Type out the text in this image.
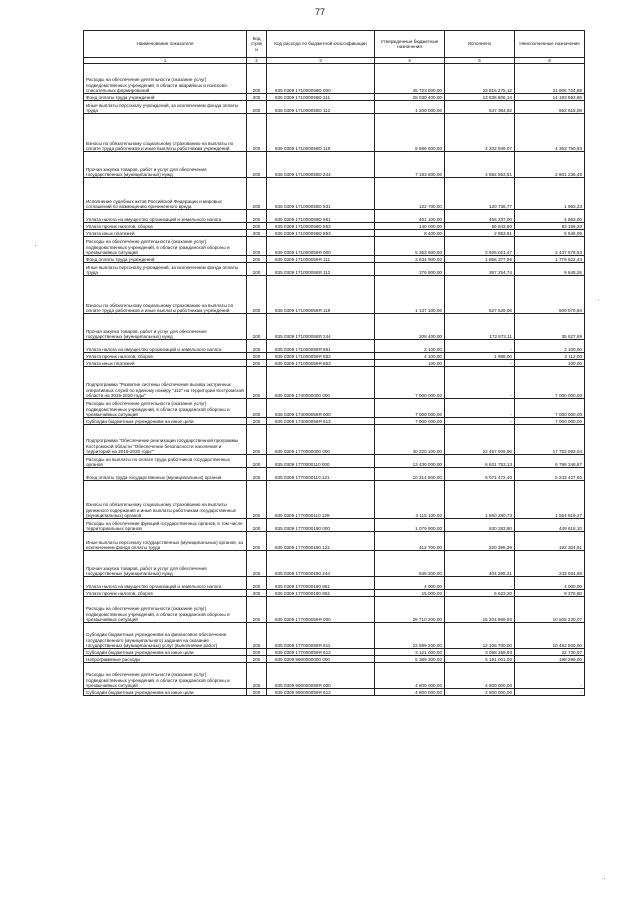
77
Наименование показателя	Код строк и	Код расхода по бюджетной классификации	Утвержденные бюджетные назначения	Исполнено	Неисполненные назначения
1	2	3	4	5	6
Расходы на обеспечение деятельности (оказание услуг) подведомственных учреждений, в области аварийных и поисково-спасательных формирований	200	835 0309 171000059D 000	45 723 000,00	23 816 275,12	21 906 724,88
Фонд оплаты труда учреждений	200	835 0309 171000059D 111	28 030 400,00	13 836 806,14	14 193 593,86
Иные выплаты персоналу учреждений, за исключением фонда оплаты труда	200	835 0309 171000059D 112	1 200 000,00	547 384,92	652 615,08
Взносы по обязательному социальному страхованию на выплаты по оплате труда работников и иные выплаты работникам учреждений	200	835 0309 171000059D 119	8 566 600,00	4 202 849,07	4 363 750,93
Прочая закупка товаров, работ и услуг для обеспечения государственных (муниципальных) нужд	200	835 0309 171000059D 244	7 193 800,00	4 592 563,51	2 601 236,49
Исполнение судебных актов Российской Федерации и мировых соглашений по возмещению причиненного вреда	200	835 0309 171000059D 831	122 700,00	120 736,77	1 963,23
Уплата налога на имущество организаций и земельного налога	200	835 0309 171000059D 851	461 100,00	456 237,00	4 863,00
Уплата прочих налогов, сборов	200	835 0309 171000059D 852	140 000,00	56 843,80	83 156,20
Уплата иных платежей	200	835 0309 171000059D 853	8 400,00	2 853,91	5 546,09
Расходы на обеспечение деятельности (оказание услуг) подведомственных учреждений, в области гражданской обороны и чрезвычайных ситуаций	200	835 0309 171000059Я 000	5 363 600,00	2 926 021,47	2 437 578,53
Фонд оплаты труда учреждений	200	835 0309 171000059Я 111	3 634 900,00	1 856 377,56	1 778 522,44
Иные выплаты персоналу учреждений, за исключением фонда оплаты труда	200	835 0309 171000059Я 112	376 900,00	367 254,74	9 645,26
Взносы по обязательному социальному страхованию на выплаты по оплате труда работников и иные выплаты работникам учреждений	200	835 0309 171000059Я 119	1 137 100,00	527 529,06	609 570,94
Прочая закупка товаров, работ и услуг для обеспечения государственных (муниципальных) нужд	200	835 0309 171000059Я 244	208 400,00	172 872,11	35 527,89
Уплата налога на имущество организаций и земельного налога	200	835 0309 171000059Я 851	2 100,00	-	2 100,00
Уплата прочих налогов, сборов	200	835 0309 171000059Я 852	4 100,00	1 988,00	2 112,00
Уплата иных платежей	200	835 0309 171000059Я 853	100,00	-	100,00
Подпрограмма "Развитие системы обеспечения вызова экстренных оперативных служб по единому номеру "112" на территории Костромской области на 2015-2020 годы"	200	835 0309 1740000000 000	7 000 000,00	-	7 000 000,00
Расходы на обеспечение деятельности (оказание услуг) подведомственных учреждений, в области гражданской обороны и чрезвычайных ситуаций	200	835 0309 174000059Я 000	7 000 000,00	-	7 000 000,00
Субсидии бюджетным учреждениям на иные цели	200	835 0309 174000059Я 612	7 000 000,00	-	7 000 000,00
Подпрограмма "Обеспечение реализации государственной программы Костромской области "Обеспечение безопасности населения и территорий на 2015-2020 годы""	200	835 0309 1770000000 000	40 220 100,00	22 467 006,96	17 753 093,04
Расходы на выплаты по оплате труда работников государственных органов	200	835 0309 1770000110 000	13 430 000,00	6 631 753,13	6 798 246,87
Фонд оплаты труда государственных (муниципальных) органов	200	835 0309 1770000110 121	10 314 900,00	5 071 472,40	5 243 427,60
Взносы по обязательному социальному страхованию на выплаты денежного содержания и иные выплаты работникам государственных (муниципальных) органов	200	835 0309 1770000110 129	3 115 100,00	1 560 280,73	1 554 819,27
Расходы на обеспечение функций государственных органов, в том числе территориальных органов	200	835 0309 1770000190 000	1 079 900,00	630 283,90	449 616,10
Иные выплаты персоналу государственных (муниципальных) органов, за исключением фонда оплаты труда	200	835 0309 1770000190 122	412 700,00	220 395,39	192 304,61
Прочая закупка товаров, работ и услуг для обеспечения государственных (муниципальных) нужд	200	835 0309 1770000190 244	648 200,00	404 265,31	243 934,69
Уплата налога на имущество организаций и земельного налога	200	835 0309 1770000190 851	4 000,00	-	4 000,00
Уплата прочих налогов, сборов	200	835 0309 1770000190 852	15 000,00	5 623,20	9 376,80
Расходы на обеспечение деятельности (оказание услуг) подведомственных учреждений, в области гражданской обороны и чрезвычайных ситуаций	200	835 0309 177000059Я 000	25 710 200,00	15 204 969,93	10 505 230,07
Субсидии бюджетным учреждениям на финансовое обеспечение государственного (муниципального) задания на оказание государственных (муниципальных) услуг (выполнение работ)	200	835 0309 177000059Я 611	22 589 200,00	12 106 700,00	10 482 500,00
Субсидии бюджетным учреждениям на иные цели	200	835 0309 177000059Я 612	3 121 000,00	3 098 269,93	22 730,07
Непрограммные расходы	200	835 0309 9900000000 000	5 389 300,00	5 191 001,00	198 299,00
Расходы на обеспечение деятельности (оказание услуг) подведомственных учреждений, в области гражданской обороны и чрезвычайных ситуаций	200	835 0309 990000059Я 000	4 800 000,00	4 800 000,00	-
Субсидии бюджетным учреждениям на иные цели	200	835 0309 990000059Я 612	4 800 000,00	4 800 000,00	-
